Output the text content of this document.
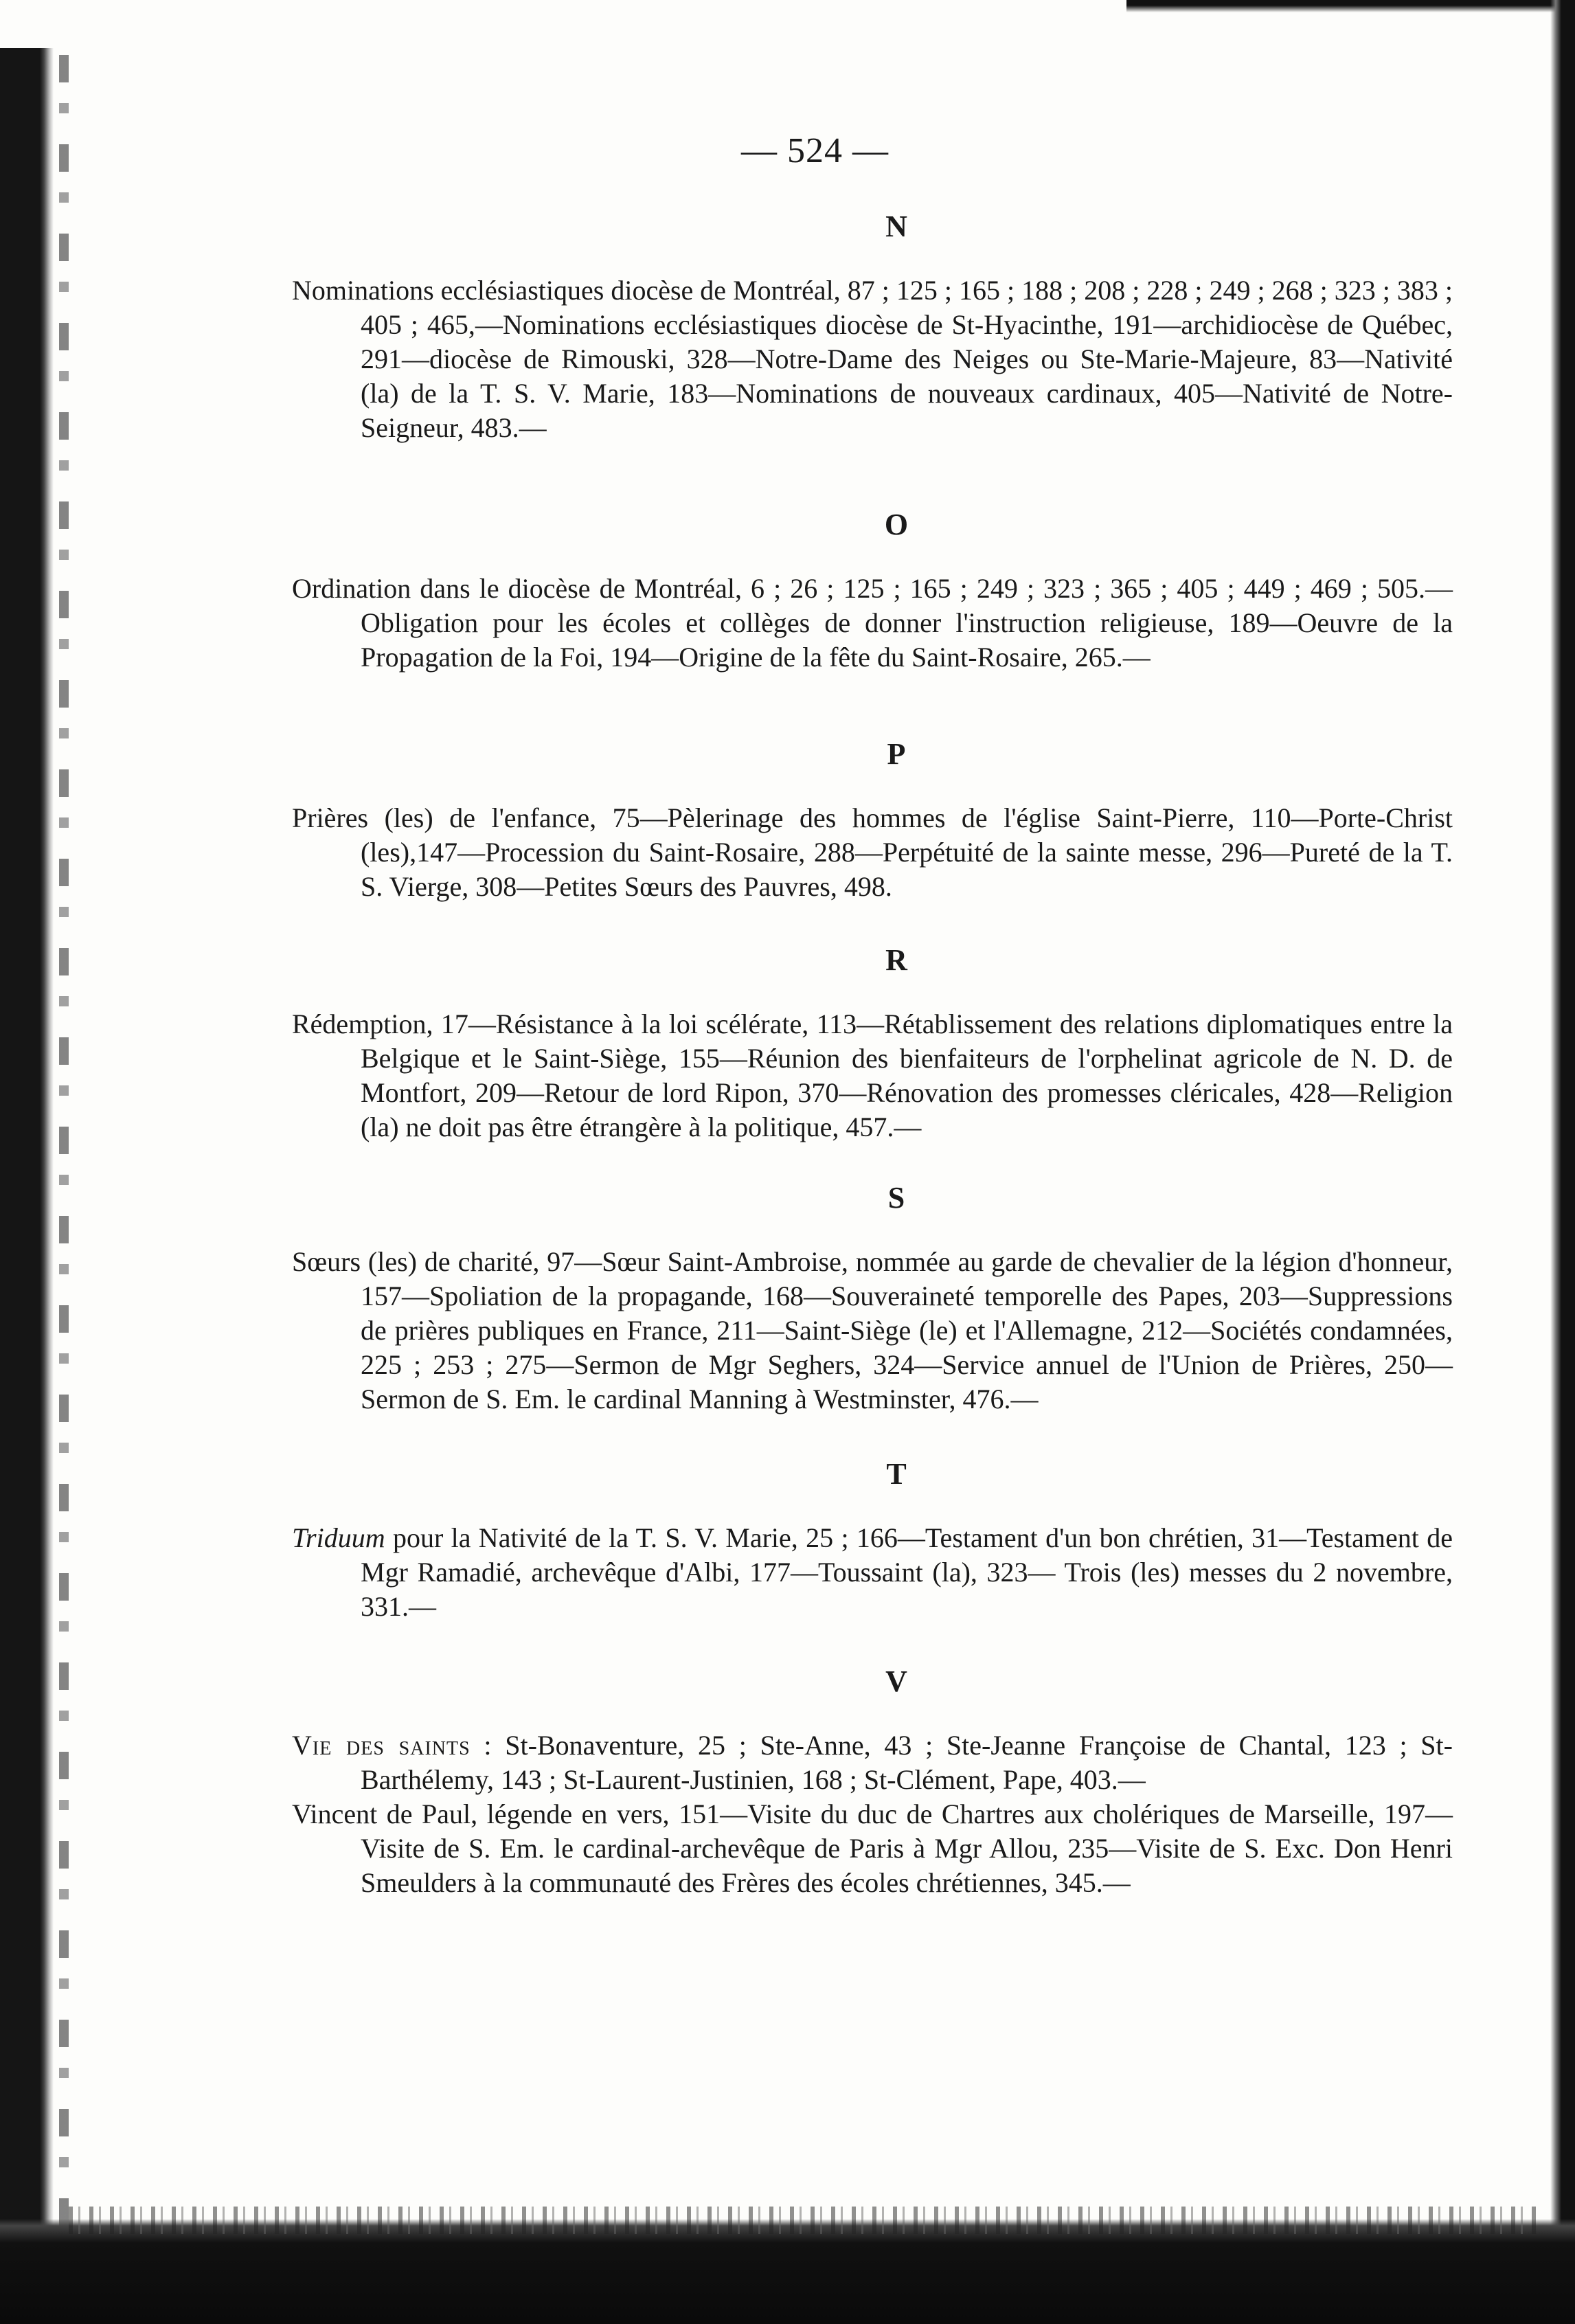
— 524 —
N

Nominations ecclésiastiques diocèse de Montréal, 87 ; 125 ; 165 ; 188 ; 208 ; 228 ; 249 ; 268 ; 323 ; 383 ; 405 ; 465,—Nominations ecclésiastiques diocèse de St-Hyacinthe, 191—archidiocèse de Québec, 291—diocèse de Rimouski, 328—Notre-Dame des Neiges ou Ste-Marie-Majeure, 83—Nativité (la) de la T. S. V. Marie, 183—Nominations de nouveaux cardinaux, 405—Nativité de Notre-Seigneur, 483.—

O

Ordination dans le diocèse de Montréal, 6 ; 26 ; 125 ; 165 ; 249 ; 323 ; 365 ; 405 ; 449 ; 469 ; 505.—Obligation pour les écoles et collèges de donner l'instruction religieuse, 189—Oeuvre de la Propagation de la Foi, 194—Origine de la fête du Saint-Rosaire, 265.—

P

Prières (les) de l'enfance, 75—Pèlerinage des hommes de l'église Saint-Pierre, 110—Porte-Christ (les),147—Procession du Saint-Rosaire, 288—Perpétuité de la sainte messe, 296—Pureté de la T. S. Vierge, 308—Petites Sœurs des Pauvres, 498.

R

Rédemption, 17—Résistance à la loi scélérate, 113—Rétablissement des relations diplomatiques entre la Belgique et le Saint-Siège, 155—Réunion des bienfaiteurs de l'orphelinat agricole de N. D. de Montfort, 209—Retour de lord Ripon, 370—Rénovation des promesses cléricales, 428—Religion (la) ne doit pas être étrangère à la politique, 457.—

S

Sœurs (les) de charité, 97—Sœur Saint-Ambroise, nommée au garde de chevalier de la légion d'honneur, 157—Spoliation de la propagande, 168—Souveraineté temporelle des Papes, 203—Suppressions de prières publiques en France, 211—Saint-Siège (le) et l'Allemagne, 212—Sociétés condamnées, 225 ; 253 ; 275—Sermon de Mgr Seghers, 324—Service annuel de l'Union de Prières, 250—Sermon de S. Em. le cardinal Manning à Westminster, 476.—

T

Triduum pour la Nativité de la T. S. V. Marie, 25 ; 166—Testament d'un bon chrétien, 31—Testament de Mgr Ramadié, archevêque d'Albi, 177—Toussaint (la), 323— Trois (les) messes du 2 novembre, 331.—

V

Vie des saints : St-Bonaventure, 25 ; Ste-Anne, 43 ; Ste-Jeanne Françoise de Chantal, 123 ; St-Barthélemy, 143 ; St-Laurent-Justinien, 168 ; St-Clément, Pape, 403.—

Vincent de Paul, légende en vers, 151—Visite du duc de Chartres aux cholériques de Marseille, 197—Visite de S. Em. le cardinal-archevêque de Paris à Mgr Allou, 235—Visite de S. Exc. Don Henri Smeulders à la communauté des Frères des écoles chrétiennes, 345.—
